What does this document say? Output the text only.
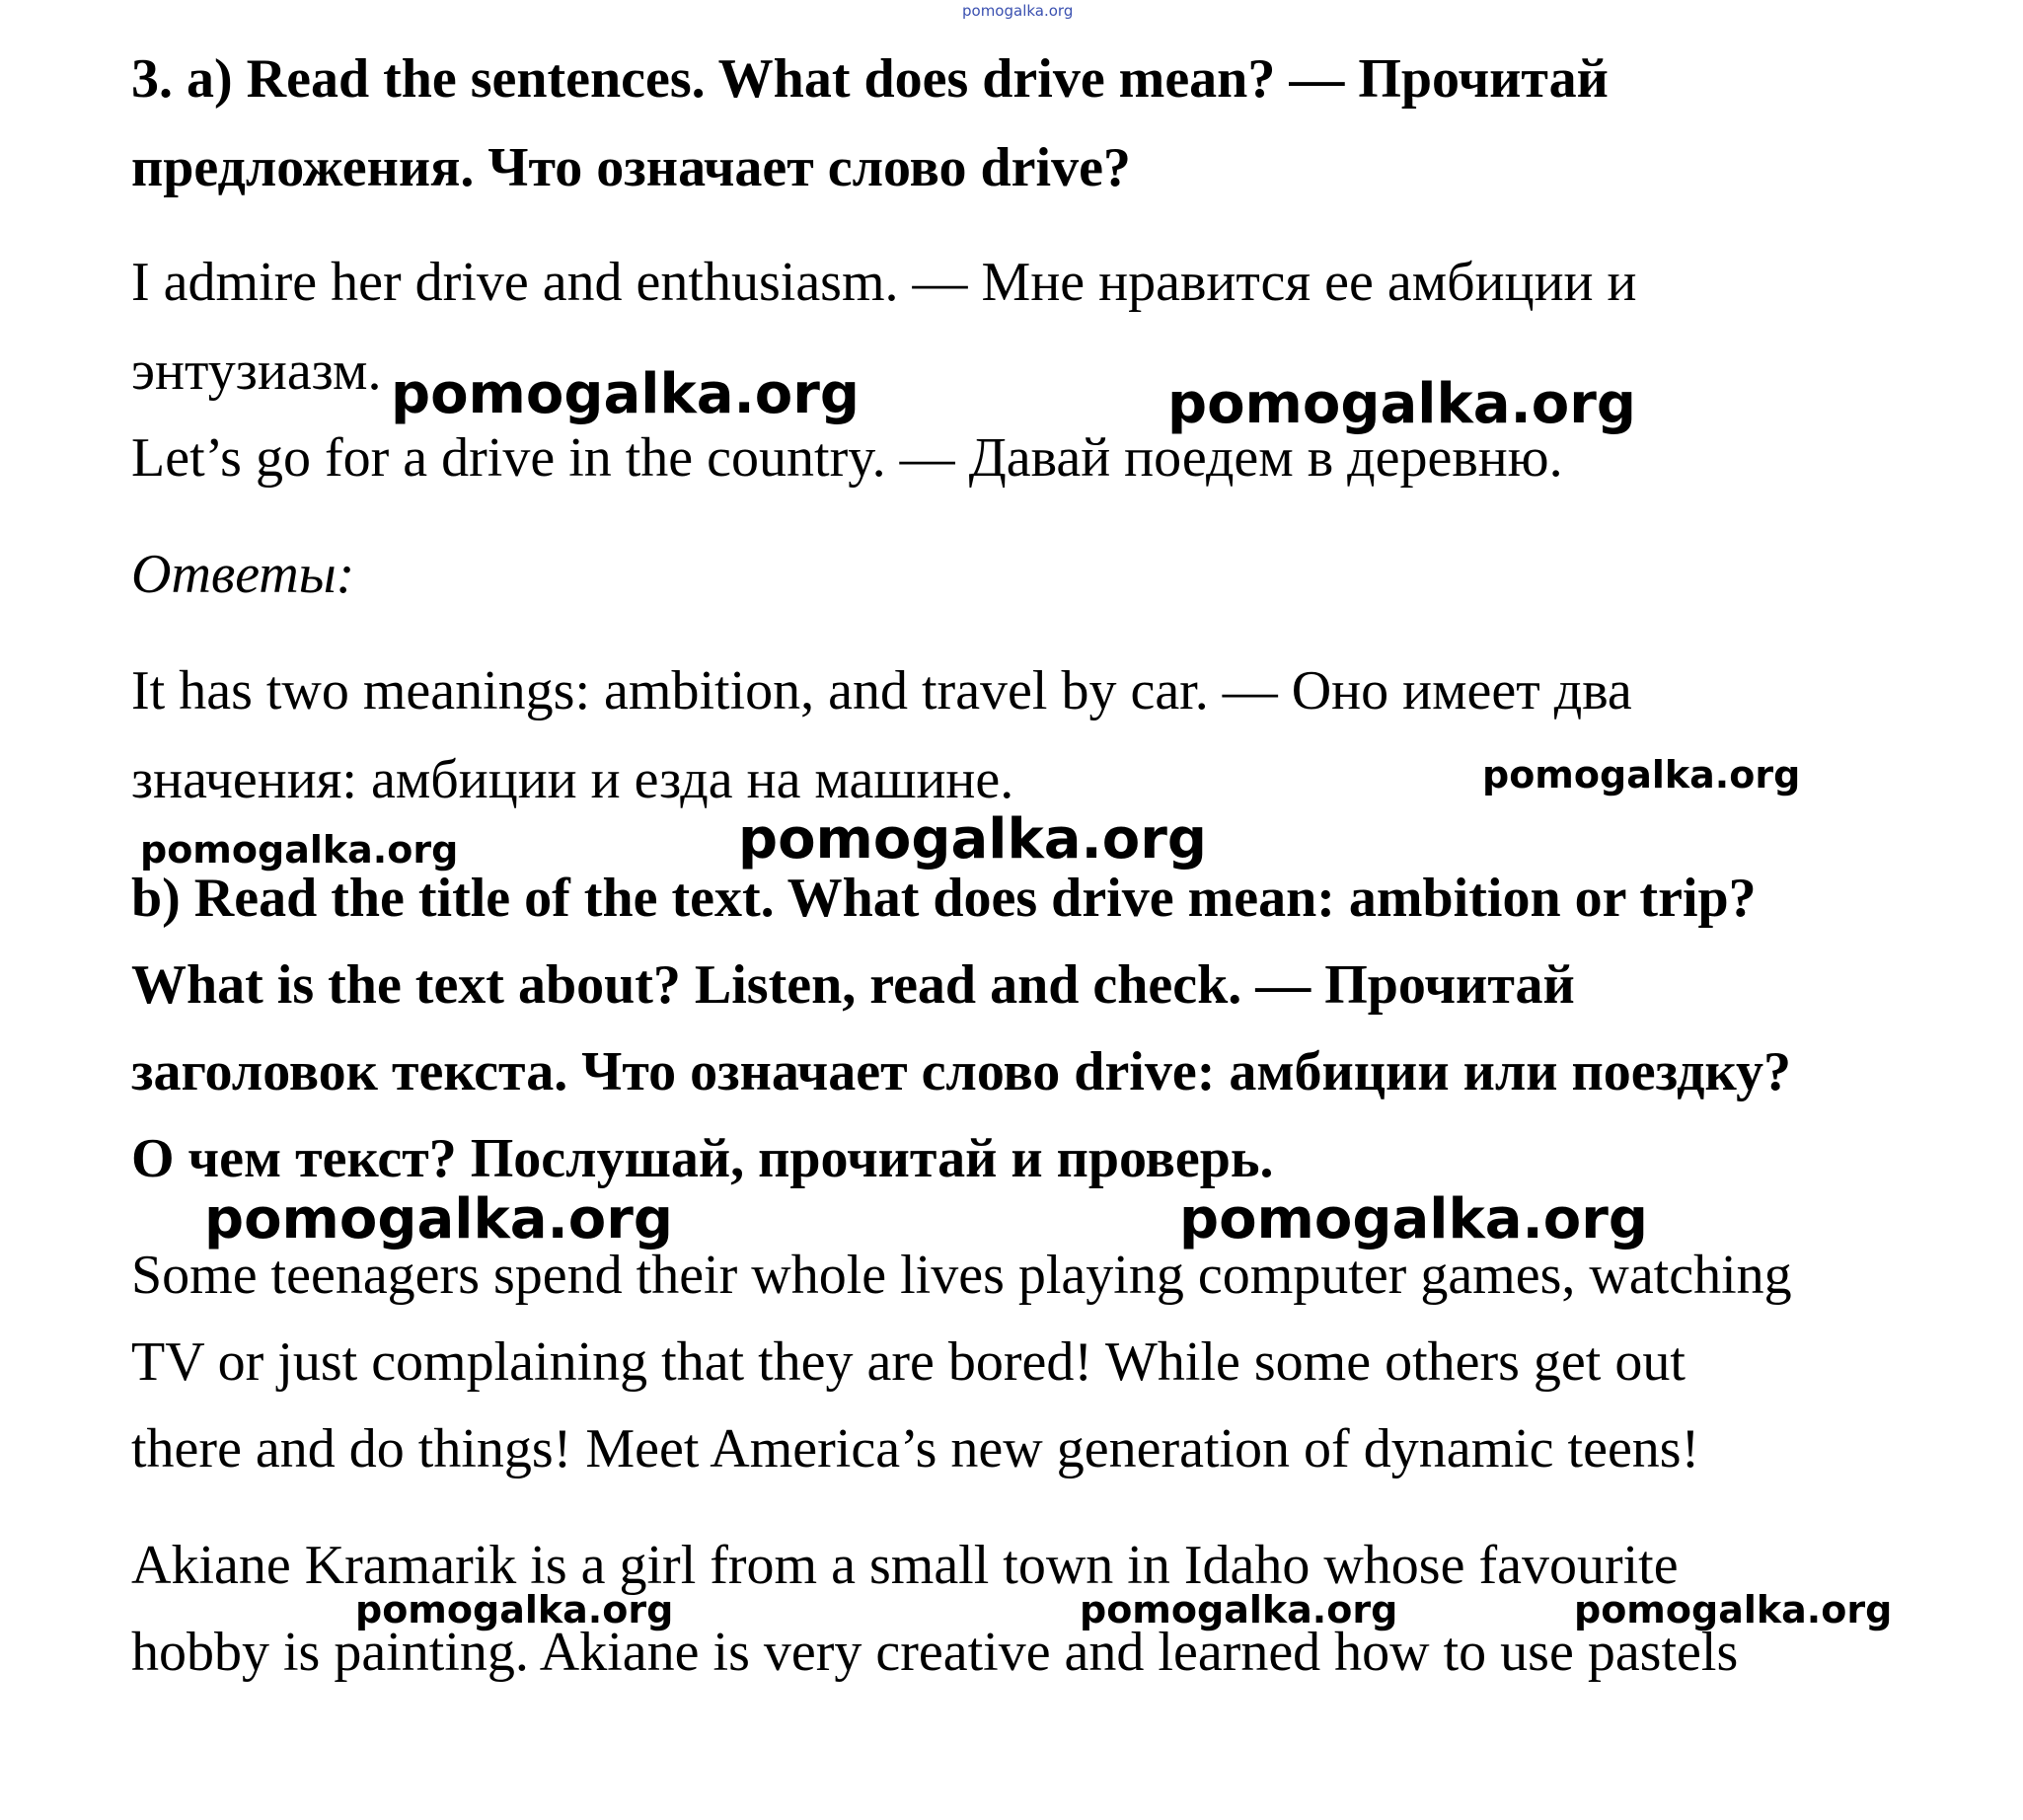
pomogalka.org

3. a) Read the sentences. What does drive mean? — Прочитай

предложения. Что означает слово drive?

I admire her drive and enthusiasm. — Мне нравится ее амбиции и

энтузиазм.

Let’s go for a drive in the country. — Давай поедем в деревню.

Ответы:

It has two meanings: ambition, and travel by car. — Оно имеет два

значения: амбиции и езда на машине.

b) Read the title of the text. What does drive mean: ambition or trip?

What is the text about? Listen, read and check. — Прочитай

заголовок текста. Что означает слово drive: амбиции или поездку?

О чем текст? Послушай, прочитай и проверь.

Some teenagers spend their whole lives playing computer games, watching

TV or just complaining that they are bored! While some others get out

there and do things! Meet America’s new generation of dynamic teens!

Akiane Kramarik is a girl from a small town in Idaho whose favourite

hobby is painting. Akiane is very creative and learned how to use pastels

pomogalka.org	pomogalka.org
pomogalka.org
pomogalka.org	pomogalka.org
pomogalka.org	pomogalka.org
pomogalka.org	pomogalka.org	pomogalka.org
